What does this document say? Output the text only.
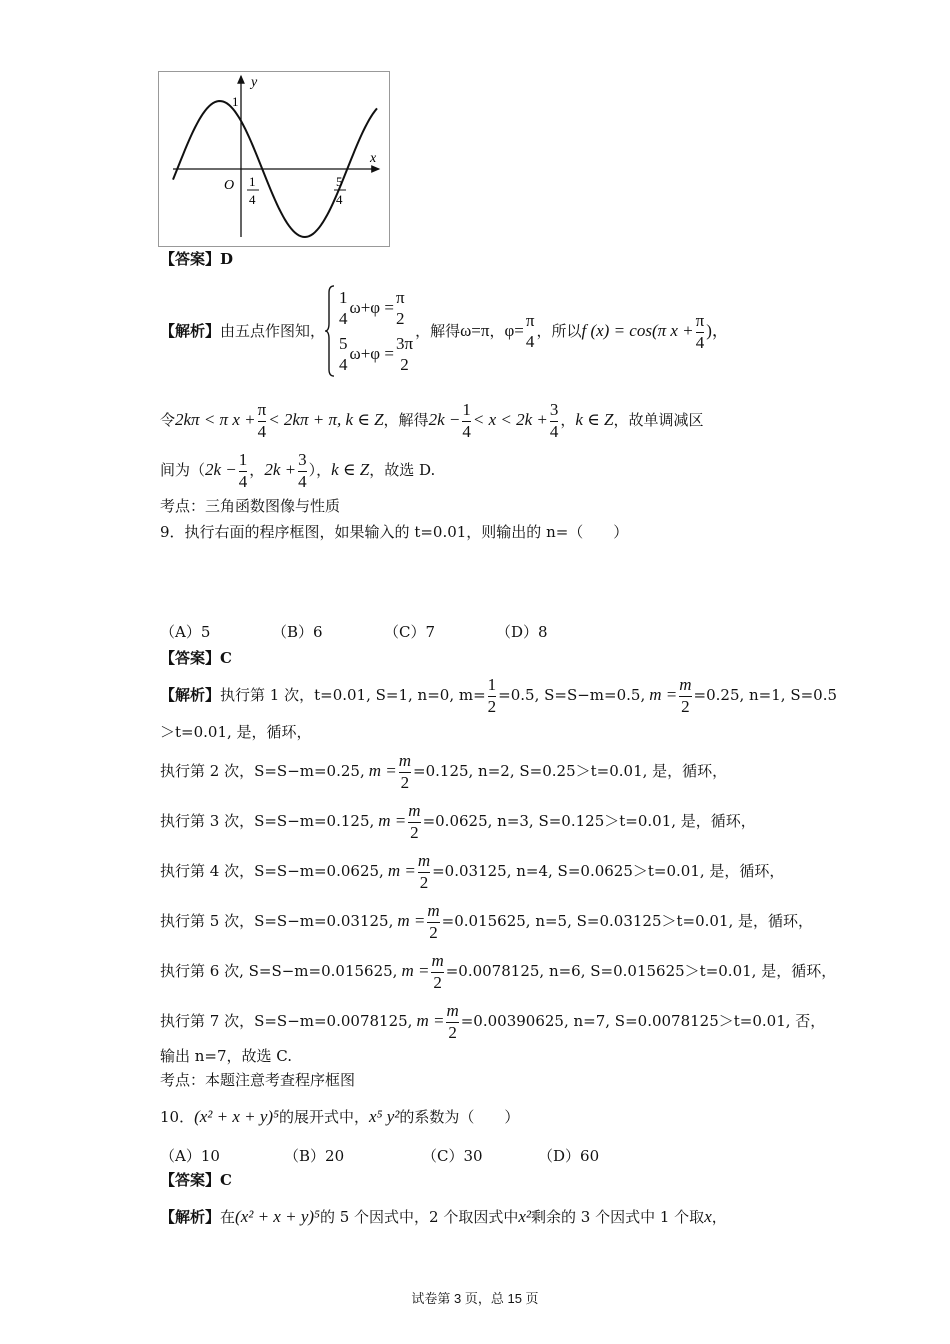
y
x
O
1
1
4
5
4
【答案】D
【解析】 由五点作图知，
1
4
ω+φ =
π
2
5
4
ω+φ =
3π
2
，解得 ω=π ， φ=
π
4
，所以 f (x) = cos(π $x + \frac{\pi}{4}$ )，
令 2kπ < π $x + \frac{\pi}{4} < 2k\pi + \pi$, k ∈ Z ，解得 $2k - \frac{1}{4} < x < 2k + \frac{3}{4}$ ， k ∈ Z ，故单调减区
间为（ $2k - \frac{1}{4}$ ， $2k + \frac{3}{4}$ ）， k ∈ Z ，故选 D.
考点：三角函数图像与性质
9．执行右面的程序框图，如果输入的 t=0.01，则输出的 n=（　　）
（A）5	（B）6	（C）7	（D）8
【答案】C
【解析】 执行第 1 次，t=0.01, S=1, n=0, $m= \frac{1}{2} =0.5$, S=S−m=0.5, $m = \frac{m}{2} =0.25$, n=1, S=0.5
＞t=0.01, 是，循环，
执行第 2 次，S=S−m=0.25, $m = \frac{m}{2} =0.125$, n=2, S=0.25＞t=0.01, 是，循环，
执行第 3 次，S=S−m=0.125, $m = \frac{m}{2} =0.0625$, n=3, S=0.125＞t=0.01, 是，循环，
执行第 4 次，S=S−m=0.0625, $m = \frac{m}{2} =0.03125$, n=4, S=0.0625＞t=0.01, 是，循环，
执行第 5 次，S=S−m=0.03125, $m = \frac{m}{2} =0.015625$, n=5, S=0.03125＞t=0.01, 是，循环，
执行第 6 次, S=S−m=0.015625, $m = \frac{m}{2} =0.0078125$, n=6, S=0.015625＞t=0.01, 是，循环，
执行第 7 次，S=S−m=0.0078125, $m = \frac{m}{2} =0.00390625$, n=7, S=0.0078125＞t=0.01, 否，
输出 n=7，故选 C.
考点：本题注意考查程序框图
10．(x² + x + y)⁵的展开式中，x⁵ y²的系数为（　　）
（A）10	（B）20	（C）30	（D）60
【答案】C
【解析】在(x² + x + y)⁵的 5 个因式中，2 个取因式中x²剩余的 3 个因式中 1 个取x，
试卷第 3 页，总 15 页
